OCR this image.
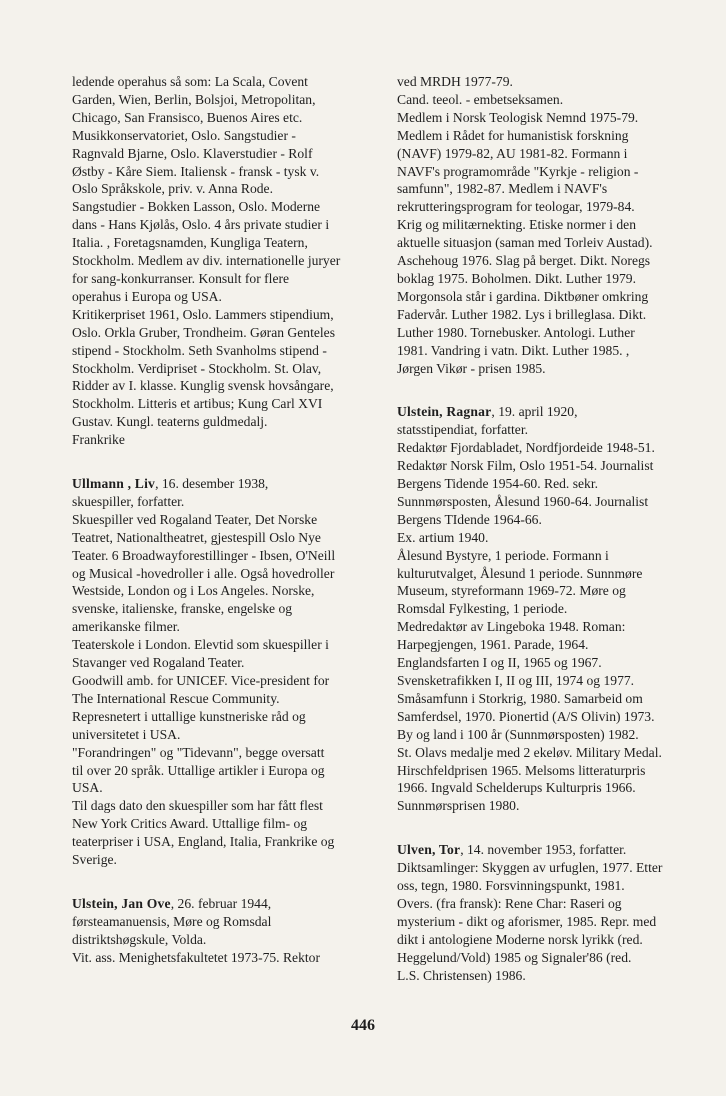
ledende operahus så som: La Scala, Covent
Garden, Wien, Berlin, Bolsjoi, Metropolitan,
Chicago, San Fransisco, Buenos Aires etc.
Musikkonservatoriet, Oslo. Sangstudier -
Ragnvald Bjarne, Oslo. Klaverstudier - Rolf
Østby - Kåre Siem. Italiensk - fransk - tysk v.
Oslo Språkskole, priv. v. Anna Rode.
Sangstudier - Bokken Lasson, Oslo. Moderne
dans - Hans Kjølås, Oslo. 4 års private studier i
Italia. , Foretagsnamden, Kungliga Teatern,
Stockholm. Medlem av div. internationelle juryer
for sang-konkurranser. Konsult for flere
operahus i Europa og USA.
Kritikerpriset 1961, Oslo. Lammers stipendium,
Oslo. Orkla Gruber, Trondheim. Gøran Genteles
stipend - Stockholm. Seth Svanholms stipend -
Stockholm. Verdipriset - Stockholm. St. Olav,
Ridder av I. klasse. Kunglig svensk hovsångare,
Stockholm. Litteris et artibus; Kung Carl XVI
Gustav. Kungl. teaterns guldmedalj.
Frankrike
Ullmann , Liv, 16. desember 1938,
skuespiller, forfatter.
Skuespiller ved Rogaland Teater, Det Norske
Teatret, Nationaltheatret, gjestespill Oslo Nye
Teater. 6 Broadwayforestillinger - Ibsen, O'Neill
og Musical -hovedroller i alle. Også hovedroller
Westside, London og i Los Angeles. Norske,
svenske, italienske, franske, engelske og
amerikanske filmer.
Teaterskole i London. Elevtid som skuespiller i
Stavanger ved Rogaland Teater.
Goodwill amb. for UNICEF. Vice-president for
The International Rescue Community.
Represnetert i uttallige kunstneriske råd og
universitetet i USA.
"Forandringen" og "Tidevann", begge oversatt
til over 20 språk. Uttallige artikler i Europa og
USA.
Til dags dato den skuespiller som har fått flest
New York Critics Award. Uttallige film- og
teaterpriser i USA, England, Italia, Frankrike og
Sverige.
Ulstein, Jan Ove, 26. februar 1944,
førsteamanuensis, Møre og Romsdal
distriktshøgskule, Volda.
Vit. ass. Menighetsfakultetet 1973-75. Rektor
ved MRDH 1977-79.
Cand. teeol. - embetseksamen.
Medlem i Norsk Teologisk Nemnd 1975-79.
Medlem i Rådet for humanistisk forskning
(NAVF) 1979-82, AU 1981-82. Formann i
NAVF's programområde "Kyrkje - religion -
samfunn", 1982-87. Medlem i NAVF's
rekrutteringsprogram for teologar, 1979-84.
Krig og militærnekting. Etiske normer i den
aktuelle situasjon (saman med Torleiv Austad).
Aschehoug 1976. Slag på berget. Dikt. Noregs
boklag 1975. Boholmen. Dikt. Luther 1979.
Morgonsola står i gardina. Diktbøner omkring
Fadervår. Luther 1982. Lys i brilleglasa. Dikt.
Luther 1980. Tornebusker. Antologi. Luther
1981. Vandring i vatn. Dikt. Luther 1985. ,
Jørgen Vikør - prisen 1985.
Ulstein, Ragnar, 19. april 1920,
statsstipendiat, forfatter.
Redaktør Fjordabladet, Nordfjordeide 1948-51.
Redaktør Norsk Film, Oslo 1951-54. Journalist
Bergens Tidende 1954-60. Red. sekr.
Sunnmørsposten, Ålesund 1960-64. Journalist
Bergens TIdende 1964-66.
Ex. artium 1940.
Ålesund Bystyre, 1 periode. Formann i
kulturutvalget, Ålesund 1 periode. Sunnmøre
Museum, styreformann 1969-72. Møre og
Romsdal Fylkesting, 1 periode.
Medredaktør av Lingeboka 1948. Roman:
Harpegjengen, 1961. Parade, 1964.
Englandsfarten I og II, 1965 og 1967.
Svensketrafikken I, II og III, 1974 og 1977.
Småsamfunn i Storkrig, 1980. Samarbeid om
Samferdsel, 1970. Pionertid (A/S Olivin) 1973.
By og land i 100 år (Sunnmørsposten) 1982.
St. Olavs medalje med 2 ekeløv. Military Medal.
Hirschfeldprisen 1965. Melsoms litteraturpris
1966. Ingvald Schelderups Kulturpris 1966.
Sunnmørsprisen 1980.
Ulven, Tor, 14. november 1953, forfatter.
Diktsamlinger: Skyggen av urfuglen, 1977. Etter
oss, tegn, 1980. Forsvinningspunkt, 1981.
Overs. (fra fransk): Rene Char: Raseri og
mysterium - dikt og aforismer, 1985. Repr. med
dikt i antologiene Moderne norsk lyrikk (red.
Heggelund/Vold) 1985 og Signaler'86 (red.
L.S. Christensen) 1986.
446
